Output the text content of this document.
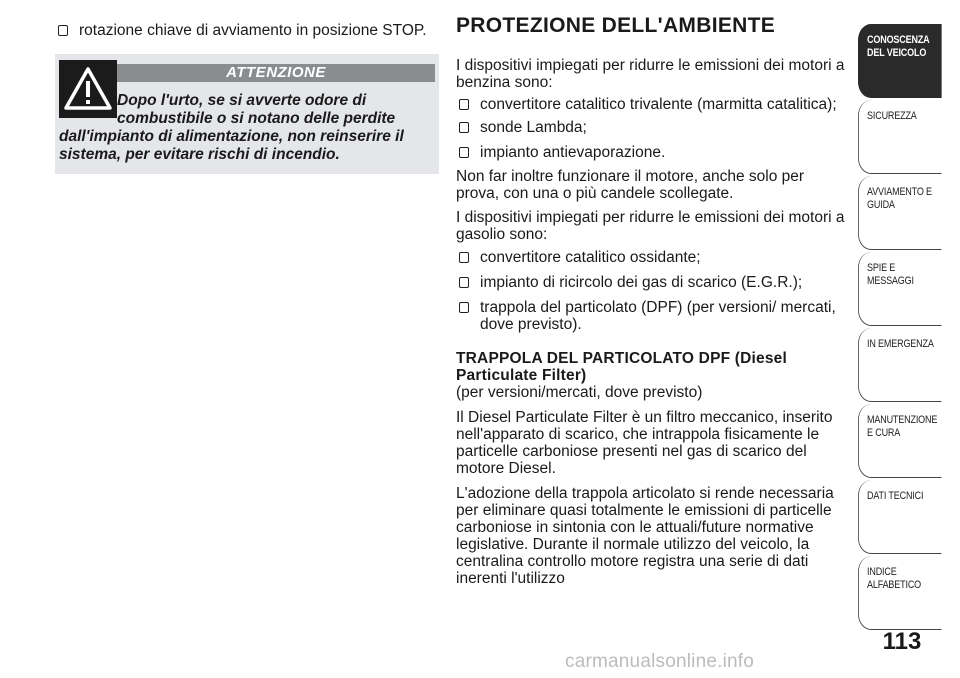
rotazione chiave di avviamento in posizione STOP.
ATTENZIONE
Dopo l'urto, se si avverte odore di
combustibile o si notano delle perdite
dall'impianto di alimentazione, non reinserire il
sistema, per evitare rischi di incendio.
PROTEZIONE DELL'AMBIENTE

I dispositivi impiegati per ridurre le emissioni dei motori a benzina sono:

convertitore catalitico trivalente (marmitta catalitica);
sonde Lambda;
impianto antievaporazione.

Non far inoltre funzionare il motore, anche solo per prova, con una o più candele scollegate.

I dispositivi impiegati per ridurre le emissioni dei motori a gasolio sono:

convertitore catalitico ossidante;
impianto di ricircolo dei gas di scarico (E.G.R.);
trappola del particolato (DPF) (per versioni/ mercati, dove previsto).
TRAPPOLA DEL PARTICOLATO DPF (Diesel Particulate Filter)

(per versioni/mercati, dove previsto)

Il Diesel Particulate Filter è un filtro meccanico, inserito nell'apparato di scarico, che intrappola fisicamente le particelle carboniose presenti nel gas di scarico del motore Diesel.

L'adozione della trappola articolato si rende necessaria per eliminare quasi totalmente le emissioni di particelle carboniose in sintonia con le attuali/future normative legislative. Durante il normale utilizzo del veicolo, la centralina controllo motore registra una serie di dati inerenti l'utilizzo

CONOSCENZA DEL VEICOLO
SICUREZZA
AVVIAMENTO E GUIDA
SPIE E MESSAGGI
IN EMERGENZA
MANUTENZIONE E CURA
DATI TECNICI
INDICE ALFABETICO
113
carmanualsonline.info
